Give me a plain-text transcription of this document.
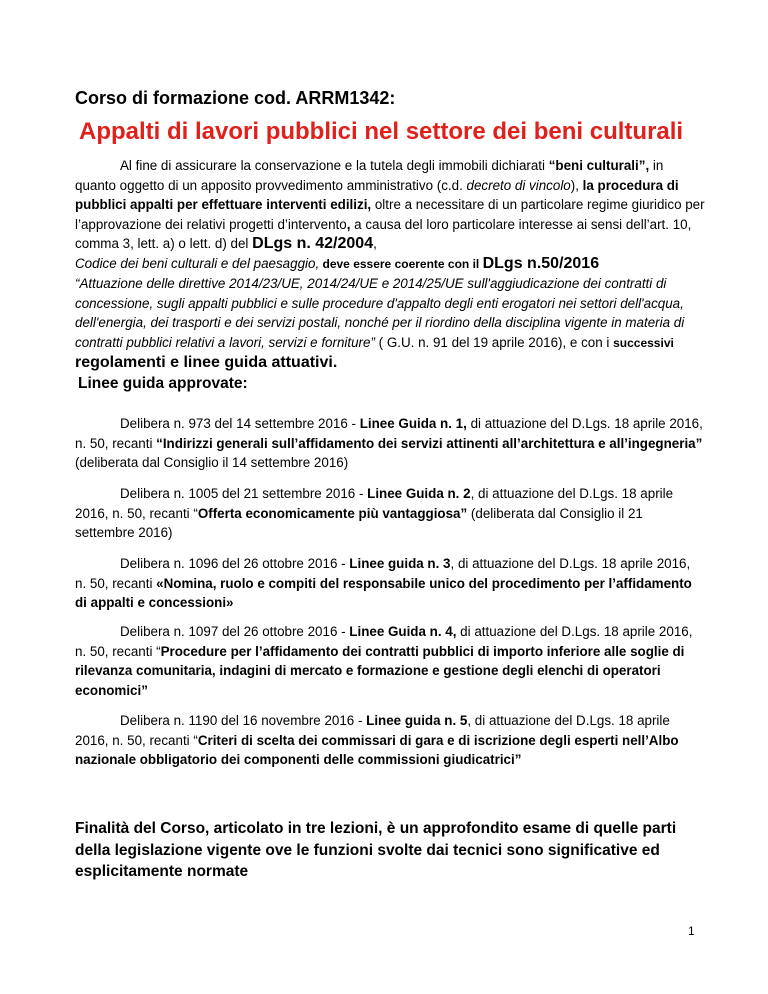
Corso di formazione cod. ARRM1342:
Appalti di lavori pubblici nel settore dei beni culturali

Al fine di assicurare la conservazione e la tutela degli immobili dichiarati “beni culturali”, in quanto oggetto di un apposito provvedimento amministrativo (c.d. decreto di vincolo), la procedura di pubblici appalti per effettuare interventi edilizi, oltre a necessitare di un particolare regime giuridico per l’approvazione dei relativi progetti d’intervento, a causa del loro particolare interesse ai sensi dell’art. 10, comma 3, lett. a) o lett. d) del DLgs n. 42/2004,
Codice dei beni culturali e del paesaggio, deve essere coerente con il DLgs n.50/2016
“Attuazione delle direttive 2014/23/UE, 2014/24/UE e 2014/25/UE sull'aggiudicazione dei contratti di concessione, sugli appalti pubblici e sulle procedure d'appalto degli enti erogatori nei settori dell'acqua, dell'energia, dei trasporti e dei servizi postali, nonché per il riordino della disciplina vigente in materia di contratti pubblici relativi a lavori, servizi e forniture” ( G.U. n. 91 del 19 aprile 2016), e con i successivi regolamenti e linee guida attuativi.

Linee guida approvate:

Delibera n. 973 del 14 settembre 2016 - Linee Guida n. 1, di attuazione del D.Lgs. 18 aprile 2016, n. 50, recanti “Indirizzi generali sull’affidamento dei servizi attinenti all’architettura e all’ingegneria” (deliberata dal Consiglio il 14 settembre 2016)

Delibera n. 1005 del 21 settembre 2016 - Linee Guida n. 2, di attuazione del D.Lgs. 18 aprile 2016, n. 50, recanti “Offerta economicamente più vantaggiosa” (deliberata dal Consiglio il 21 settembre 2016)

Delibera n. 1096 del 26 ottobre 2016 - Linee guida n. 3, di attuazione del D.Lgs. 18 aprile 2016, n. 50, recanti «Nomina, ruolo e compiti del responsabile unico del procedimento per l’affidamento di appalti e concessioni»

Delibera n. 1097 del 26 ottobre 2016 - Linee Guida n. 4, di attuazione del D.Lgs. 18 aprile 2016, n. 50, recanti “Procedure per l’affidamento dei contratti pubblici di importo inferiore alle soglie di rilevanza comunitaria, indagini di mercato e formazione e gestione degli elenchi di operatori economici”

Delibera n. 1190 del 16 novembre 2016 - Linee guida n. 5, di attuazione del D.Lgs. 18 aprile 2016, n. 50, recanti “Criteri di scelta dei commissari di gara e di iscrizione degli esperti nell’Albo nazionale obbligatorio dei componenti delle commissioni giudicatrici”

Finalità del Corso, articolato in tre lezioni, è un approfondito esame di quelle parti della legislazione vigente ove le funzioni svolte dai tecnici sono significative ed esplicitamente normate

1
